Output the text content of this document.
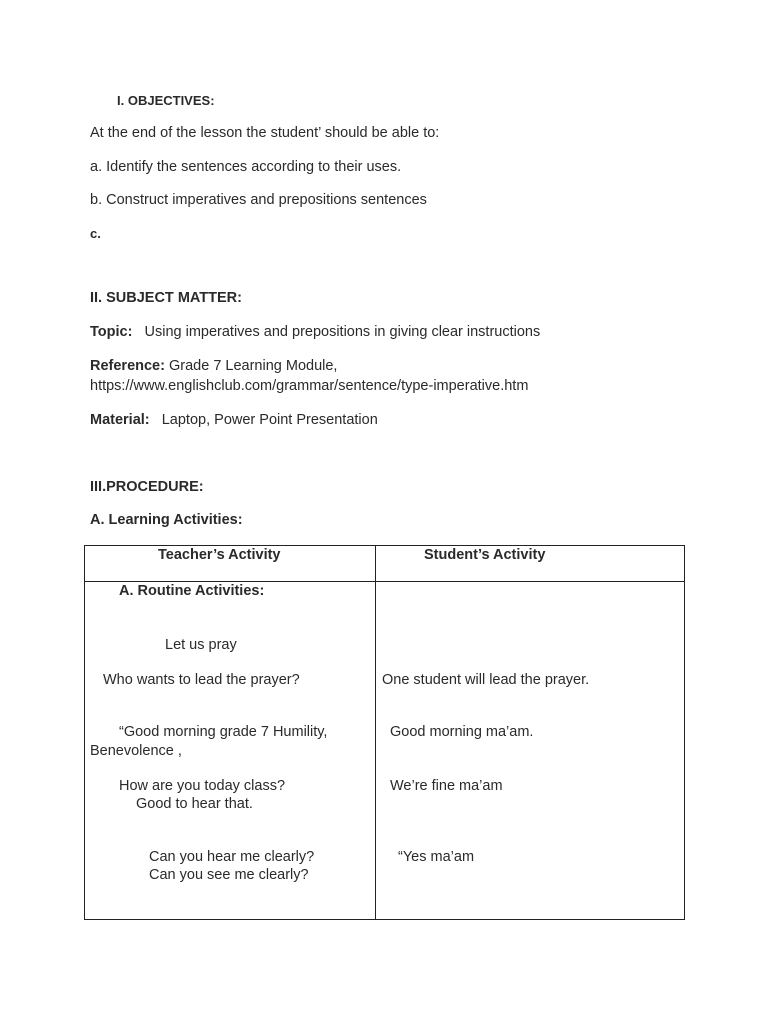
I. OBJECTIVES:
At the end of the lesson the student’ should be able to:
a. Identify the sentences according to their uses.
b. Construct imperatives and prepositions sentences
c.
II. SUBJECT MATTER:
Topic: Using imperatives and prepositions in giving clear instructions
Reference: Grade 7 Learning Module,
https://www.englishclub.com/grammar/sentence/type-imperative.htm
Material: Laptop, Power Point Presentation
III.PROCEDURE:
A. Learning Activities:
Teacher’s Activity	Student’s Activity
A. Routine Activities:
Let us pray
Who wants to lead the prayer?
“Good morning grade 7 Humility,
Benevolence ,
How are you today class?
Good to hear that.
Can you hear me clearly?
Can you see me clearly?
One student will lead the prayer.
Good morning ma’am.
We’re fine ma’am
“Yes ma’am
